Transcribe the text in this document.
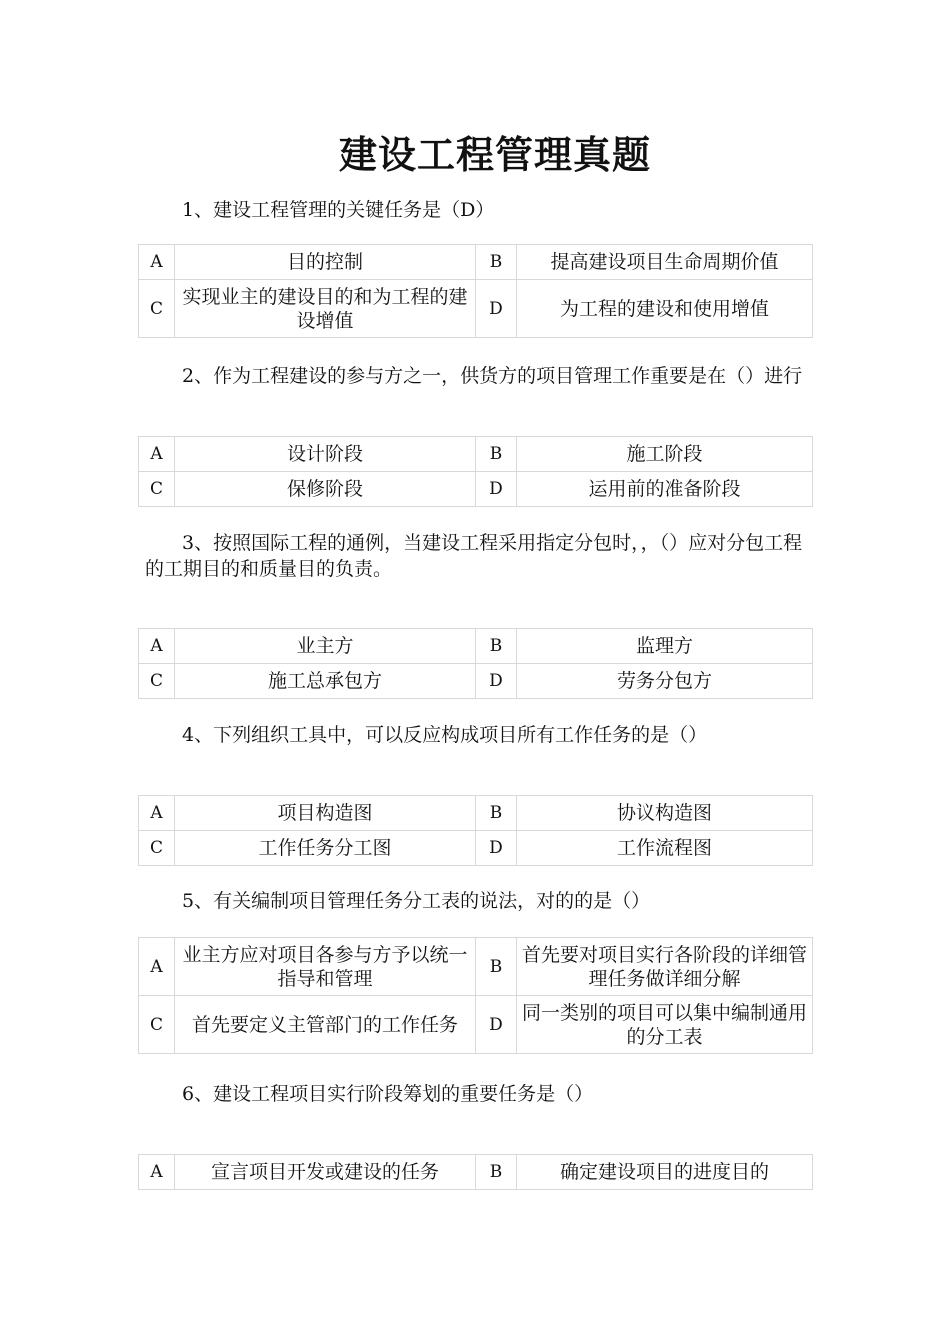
建设工程管理真题

1、建设工程管理的关键任务是（D）

A	目的控制	B	提高建设项目生命周期价值
C	实现业主的建设目的和为工程的建设增值	D	为工程的建设和使用增值

2、作为工程建设的参与方之一，供货方的项目管理工作重要是在（）进行

A	设计阶段	B	施工阶段
C	保修阶段	D	运用前的准备阶段

3、按照国际工程的通例，当建设工程采用指定分包时，，（）应对分包工程的工期目的和质量目的负责。

A	业主方	B	监理方
C	施工总承包方	D	劳务分包方

4、下列组织工具中，可以反应构成项目所有工作任务的是（）

A	项目构造图	B	协议构造图
C	工作任务分工图	D	工作流程图

5、有关编制项目管理任务分工表的说法，对的的是（）

A	业主方应对项目各参与方予以统一指导和管理	B	首先要对项目实行各阶段的详细管理任务做详细分解
C	首先要定义主管部门的工作任务	D	同一类别的项目可以集中编制通用的分工表

6、建设工程项目实行阶段筹划的重要任务是（）

A	宣言项目开发或建设的任务	B	确定建设项目的进度目的
